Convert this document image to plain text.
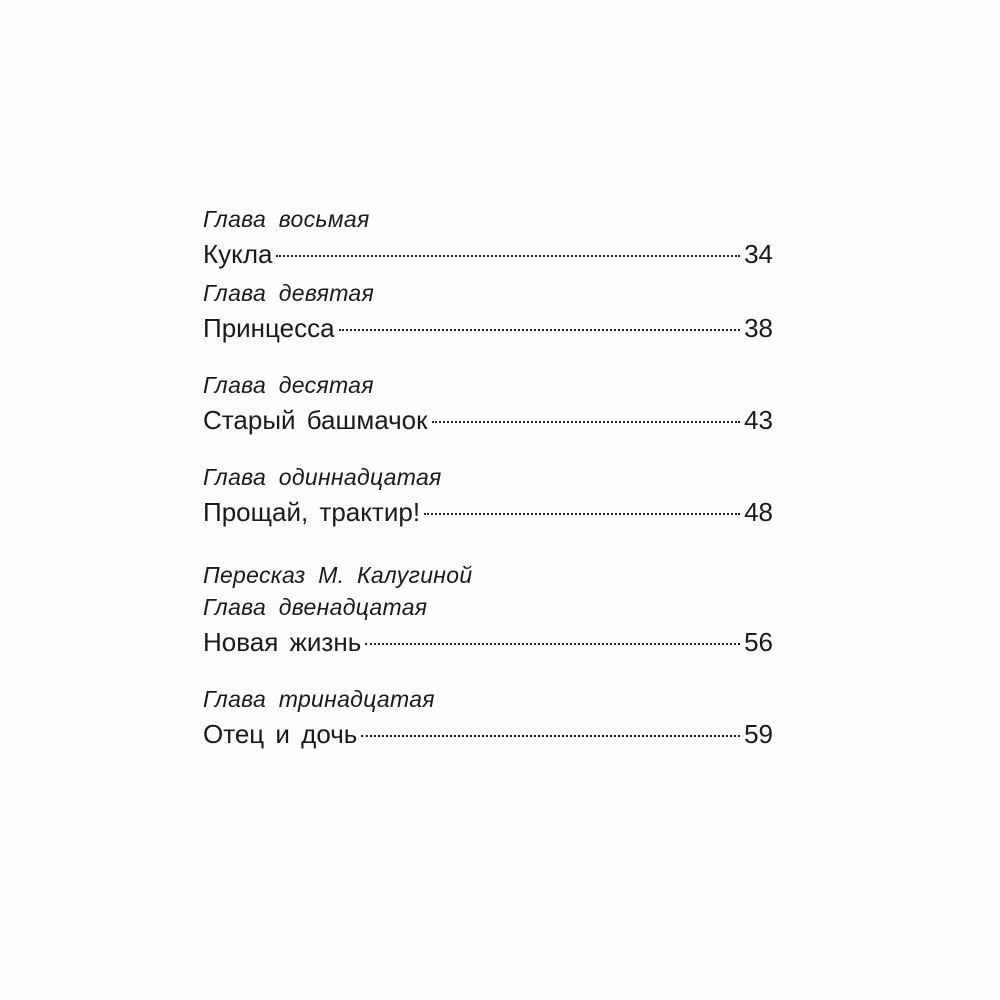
Глава восьмая
Кукла	34
Глава девятая
Принцесса	38
Глава десятая
Старый башмачок	43
Глава одиннадцатая
Прощай, трактир!	48
Пересказ М. Калугиной
Глава двенадцатая
Новая жизнь	56
Глава тринадцатая
Отец и дочь	59
